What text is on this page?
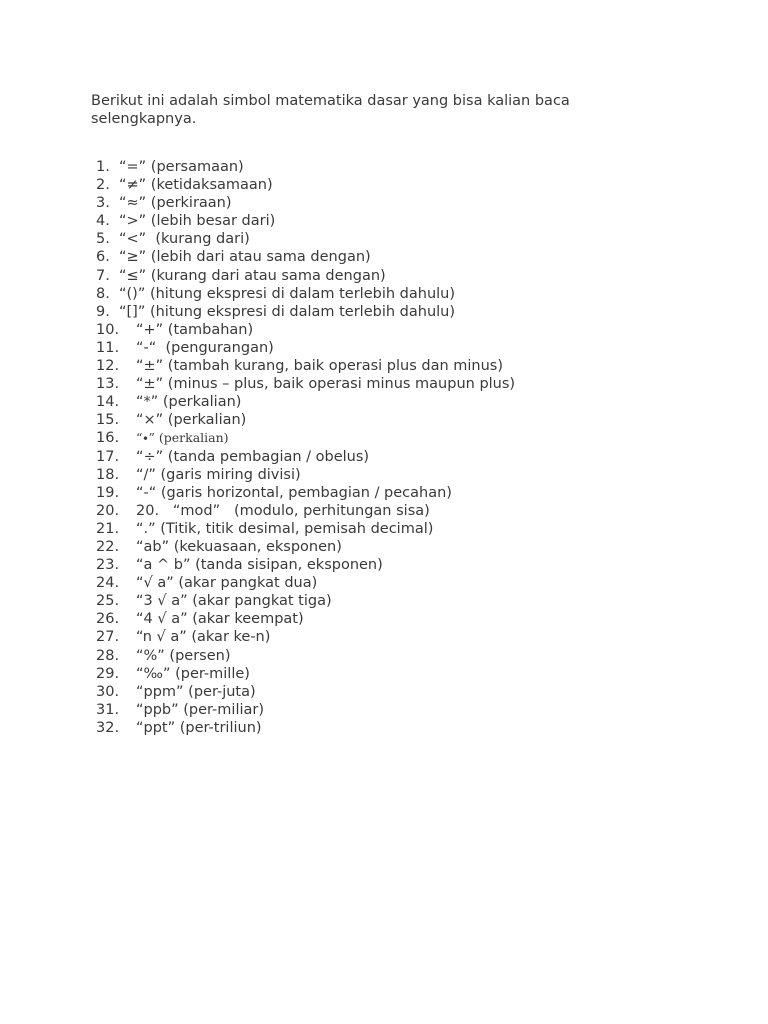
Berikut ini adalah simbol matematika dasar yang bisa kalian baca selengkapnya.

1. “=” (persamaan)
2. “≠” (ketidaksamaan)
3. “≈” (perkiraan)
4. “>” (lebih besar dari)
5. “<”  (kurang dari)
6. “≥” (lebih dari atau sama dengan)
7. “≤” (kurang dari atau sama dengan)
8. “()” (hitung ekspresi di dalam terlebih dahulu)
9. “[]” (hitung ekspresi di dalam terlebih dahulu)
10.	“+” (tambahan)
11.	“-“  (pengurangan)
12.	“±” (tambah kurang, baik operasi plus dan minus)
13.	“±” (minus – plus, baik operasi minus maupun plus)
14.	“*” (perkalian)
15.	“×” (perkalian)
16.	“∙” (perkalian)
17.	“÷” (tanda pembagian / obelus)
18.	“/” (garis miring divisi)
19.	“-“ (garis horizontal, pembagian / pecahan)
20.	20.   “mod”   (modulo, perhitungan sisa)
21.	“.” (Titik, titik desimal, pemisah decimal)
22.	“ab” (kekuasaan, eksponen)
23.	“a ^ b” (tanda sisipan, eksponen)
24.	“√ a” (akar pangkat dua)
25.	“3 √ a” (akar pangkat tiga)
26.	“4 √ a” (akar keempat)
27.	“n √ a” (akar ke-n)
28.	“%” (persen)
29.	“‰” (per-mille)
30.	“ppm” (per-juta)
31.	“ppb” (per-miliar)
32.	“ppt” (per-triliun)
